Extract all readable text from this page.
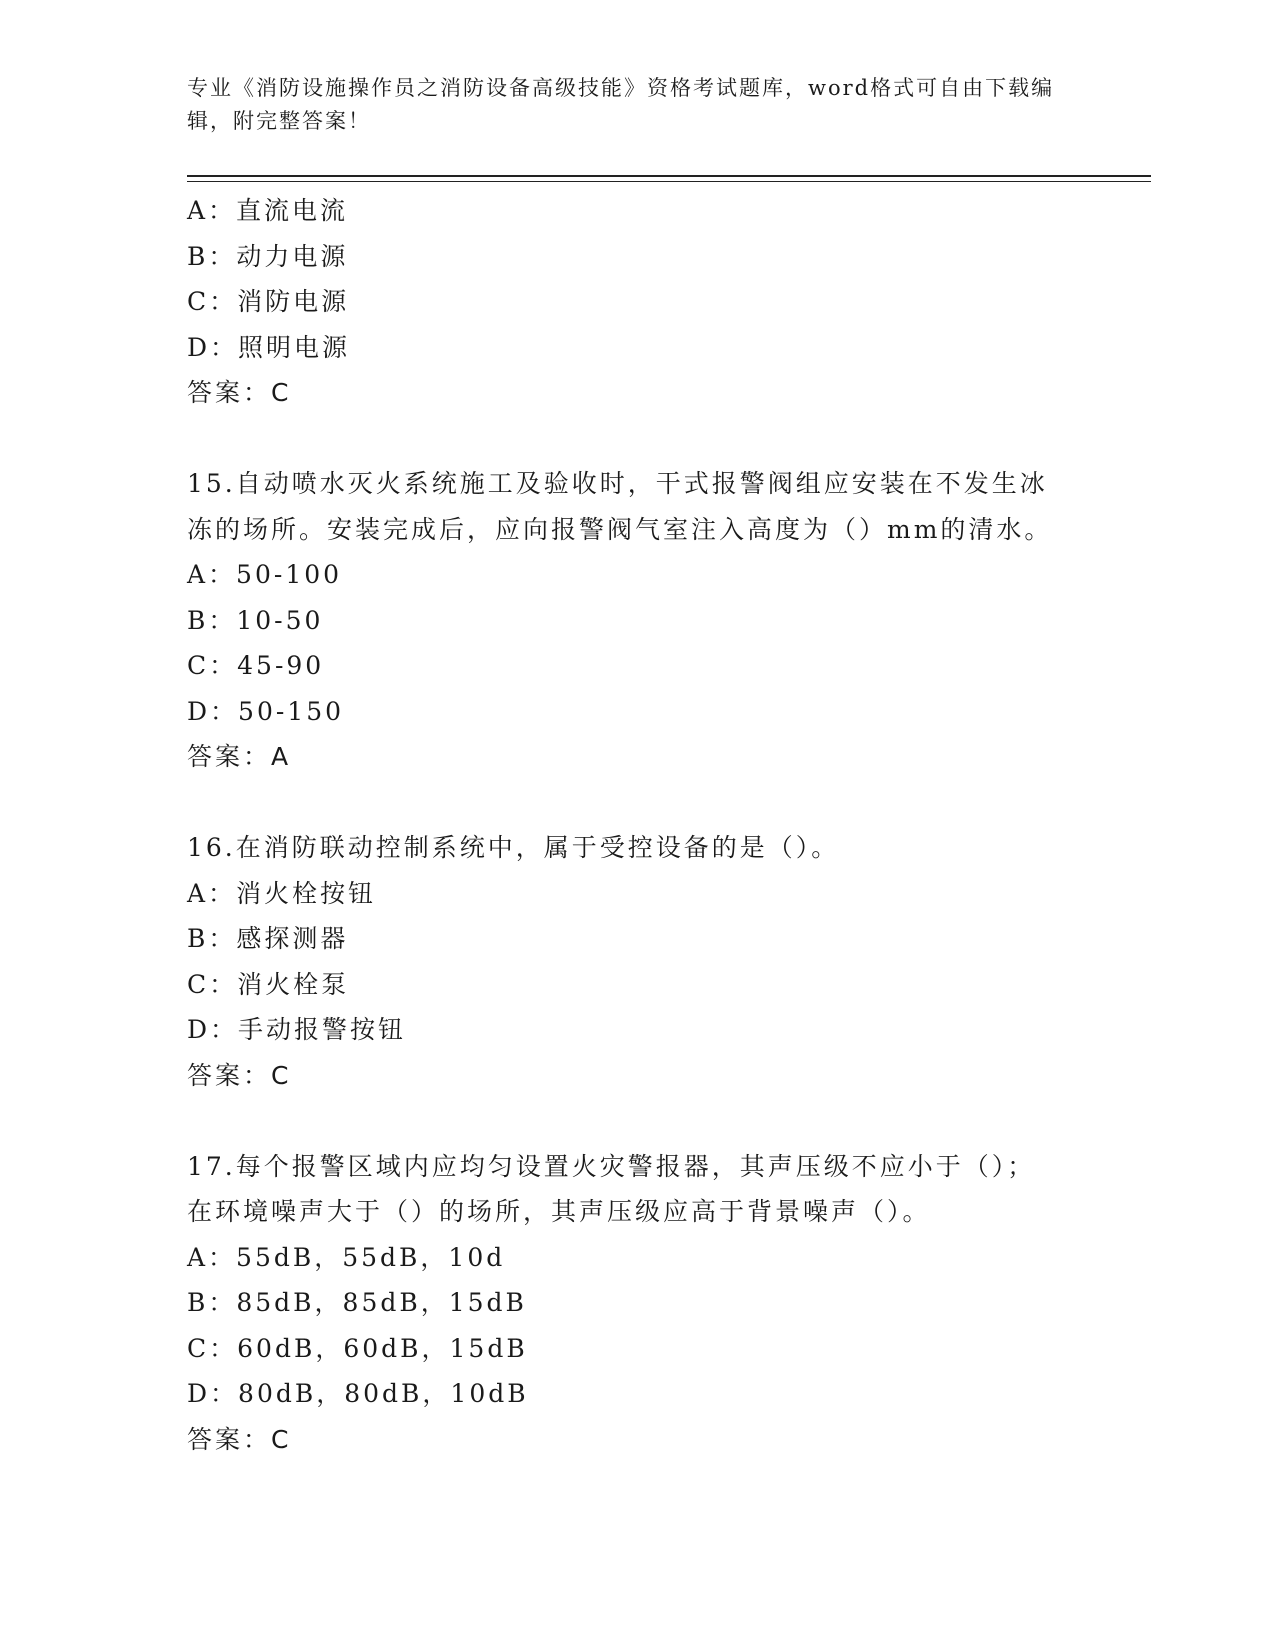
专业《消防设施操作员之消防设备高级技能》资格考试题库，word格式可自由下载编辑，附完整答案！
A：直流电流
B：动力电源
C：消防电源
D：照明电源
答案：C
15.自动喷水灭火系统施工及验收时，干式报警阀组应安装在不发生冰
冻的场所。安装完成后，应向报警阀气室注入高度为（）mm的清水。
A：50-100
B：10-50
C：45-90
D：50-150
答案：A
16.在消防联动控制系统中，属于受控设备的是（）。
A：消火栓按钮
B：感探测器
C：消火栓泵
D：手动报警按钮
答案：C
17.每个报警区域内应均匀设置火灾警报器，其声压级不应小于（）；
在环境噪声大于（）的场所，其声压级应高于背景噪声（）。
A：55dB，55dB，10d
B：85dB，85dB，15dB
C：60dB，60dB，15dB
D：80dB，80dB，10dB
答案：C
